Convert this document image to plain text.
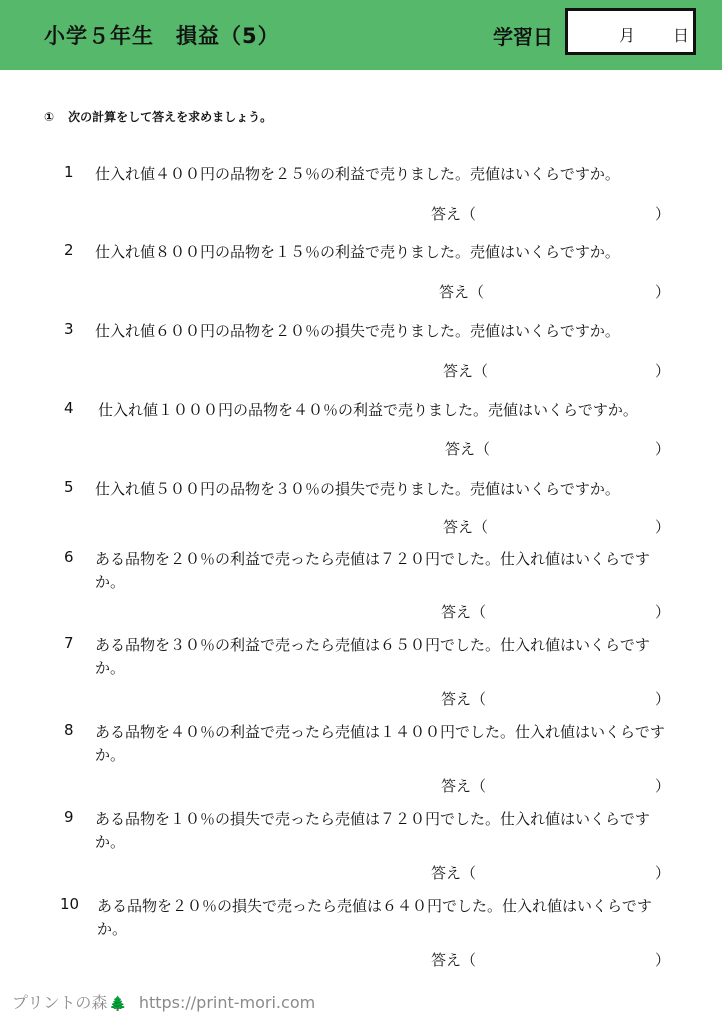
小学５年生　損益（5）	学習日	月 日
① 次の計算をして答えを求めましょう。
1	仕入れ値４００円の品物を２５％の利益で売りました。売値はいくらですか。
答え（	）
2	仕入れ値８００円の品物を１５％の利益で売りました。売値はいくらですか。
答え（	）
3	仕入れ値６００円の品物を２０％の損失で売りました。売値はいくらですか。
答え（	）
4	仕入れ値１０００円の品物を４０％の利益で売りました。売値はいくらですか。
答え（	）
5	仕入れ値５００円の品物を３０％の損失で売りました。売値はいくらですか。
答え（	）
6	ある品物を２０％の利益で売ったら売値は７２０円でした。仕入れ値はいくらですか。
答え（	）
7	ある品物を３０％の利益で売ったら売値は６５０円でした。仕入れ値はいくらですか。
答え（	）
8	ある品物を４０％の利益で売ったら売値は１４００円でした。仕入れ値はいくらですか。
答え（	）
9	ある品物を１０％の損失で売ったら売値は７２０円でした。仕入れ値はいくらですか。
答え（	）
10	ある品物を２０％の損失で売ったら売値は６４０円でした。仕入れ値はいくらですか。
答え（	）
プリントの森 🌲 https://print-mori.com
